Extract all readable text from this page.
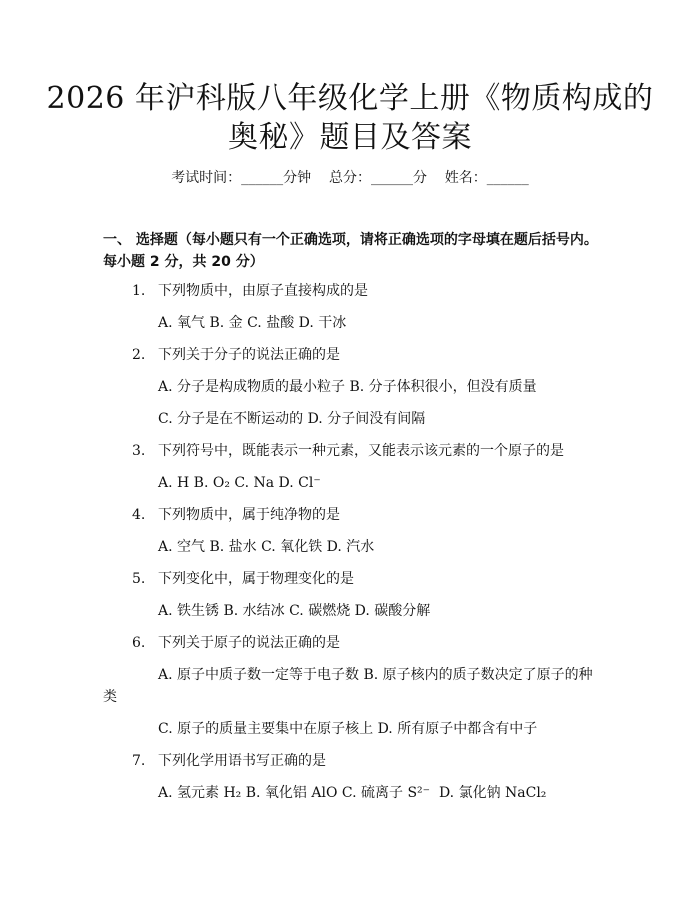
2026 年沪科版八年级化学上册《物质构成的
奥秘》题目及答案
考试时间：______分钟    总分：______分    姓名：______
一、 选择题（每小题只有一个正确选项，请将正确选项的字母填在题后括号内。
每小题 2 分，共 20 分）
1. 下列物质中，由原子直接构成的是
A. 氧气 B. 金 C. 盐酸 D. 干冰
2. 下列关于分子的说法正确的是
A. 分子是构成物质的最小粒子 B. 分子体积很小，但没有质量
C. 分子是在不断运动的 D. 分子间没有间隔
3. 下列符号中，既能表示一种元素，又能表示该元素的一个原子的是
A. H B. O₂ C. Na D. Cl⁻
4. 下列物质中，属于纯净物的是
A. 空气 B. 盐水 C. 氧化铁 D. 汽水
5. 下列变化中，属于物理变化的是
A. 铁生锈 B. 水结冰 C. 碳燃烧 D. 碳酸分解
6. 下列关于原子的说法正确的是
A. 原子中质子数一定等于电子数 B. 原子核内的质子数决定了原子的种
类
C. 原子的质量主要集中在原子核上 D. 所有原子中都含有中子
7. 下列化学用语书写正确的是
A. 氢元素 H₂ B. 氧化铝 AlO C. 硫离子 S²⁻  D. 氯化钠 NaCl₂
